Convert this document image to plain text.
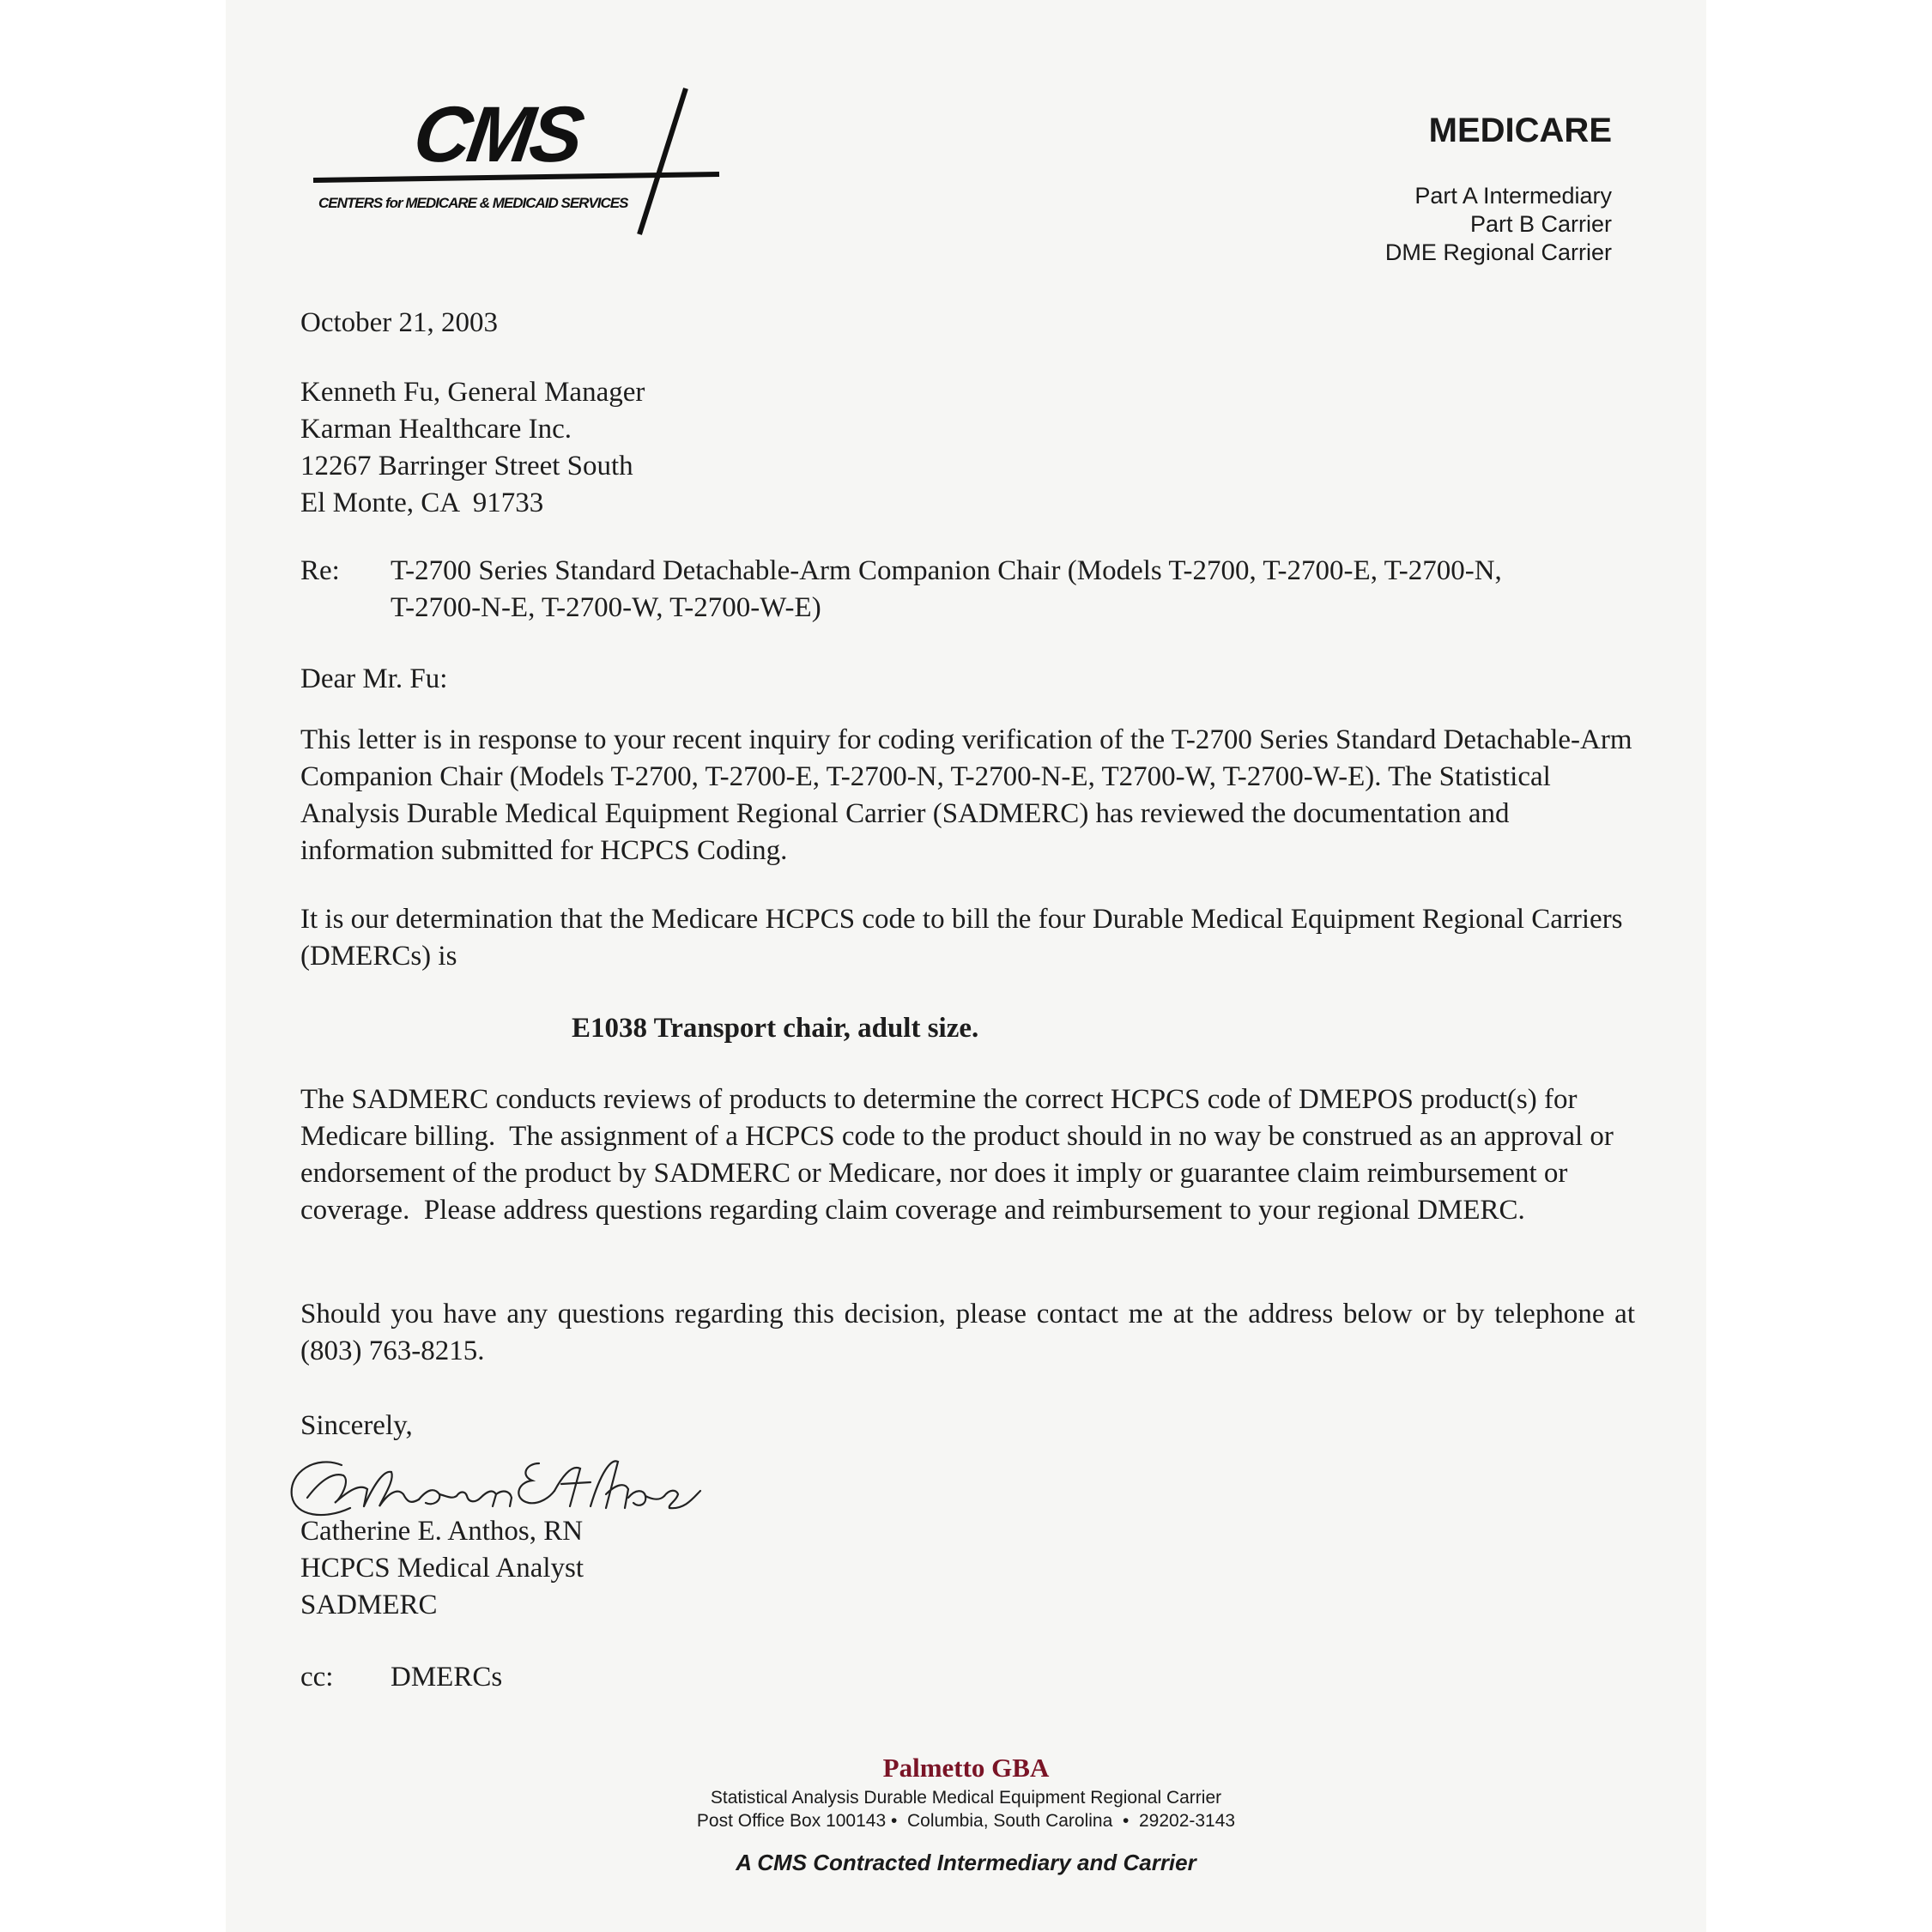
CMS
CENTERS for MEDICARE & MEDICAID SERVICES
MEDICARE
Part A Intermediary
Part B Carrier
DME Regional Carrier
October 21, 2003
Kenneth Fu, General Manager
Karman Healthcare Inc.
12267 Barringer Street South
El Monte, CA  91733
Re: T-2700 Series Standard Detachable-Arm Companion Chair (Models T-2700, T-2700-E, T-2700-N,
T-2700-N-E, T-2700-W, T-2700-W-E)
Dear Mr. Fu:
This letter is in response to your recent inquiry for coding verification of the T-2700 Series Standard Detachable-Arm Companion Chair (Models T-2700, T-2700-E, T-2700-N, T-2700-N-E, T2700-W, T-2700-W-E). The Statistical Analysis Durable Medical Equipment Regional Carrier (SADMERC) has reviewed the documentation and information submitted for HCPCS Coding.
It is our determination that the Medicare HCPCS code to bill the four Durable Medical Equipment Regional Carriers (DMERCs) is
E1038 Transport chair, adult size.
The SADMERC conducts reviews of products to determine the correct HCPCS code of DMEPOS product(s) for Medicare billing.  The assignment of a HCPCS code to the product should in no way be construed as an approval or endorsement of the product by SADMERC or Medicare, nor does it imply or guarantee claim reimbursement or coverage.  Please address questions regarding claim coverage and reimbursement to your regional DMERC.
Should you have any questions regarding this decision, please contact me at the address below or by telephone at (803) 763-8215.
Sincerely,
Catherine E. Anthos, RN
HCPCS Medical Analyst
SADMERC
cc: DMERCs
Palmetto GBA
Statistical Analysis Durable Medical Equipment Regional Carrier
Post Office Box 100143 •  Columbia, South Carolina  •  29202-3143
A CMS Contracted Intermediary and Carrier
